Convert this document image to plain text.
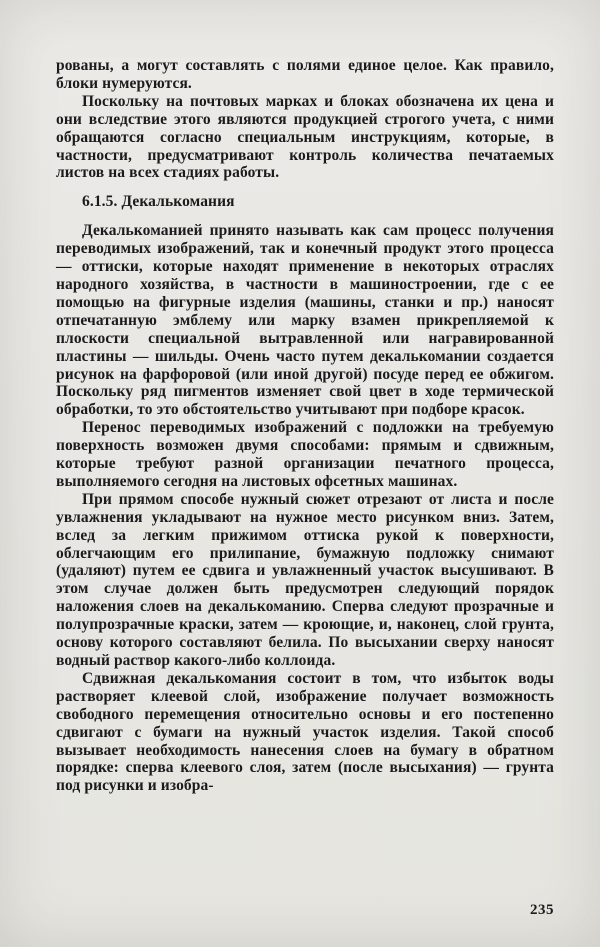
рованы, а могут составлять с полями единое целое. Как правило, блоки нумеруются.

Поскольку на почтовых марках и блоках обозначена их цена и они вследствие этого являются продукцией строгого учета, с ними обращаются согласно специальным инструкциям, которые, в частности, предусматривают контроль количества печатаемых листов на всех стадиях работы.

6.1.5. Декалькомания

Декалькоманией принято называть как сам процесс получения переводимых изображений, так и конечный продукт этого процесса — оттиски, которые находят применение в некоторых отраслях народного хозяйства, в частности в машиностроении, где с ее помощью на фигурные изделия (машины, станки и пр.) наносят отпечатанную эмблему или марку взамен прикрепляемой к плоскости специальной вытравленной или награвированной пластины — шильды. Очень часто путем декалькомании создается рисунок на фарфоровой (или иной другой) посуде перед ее обжигом. Поскольку ряд пигментов изменяет свой цвет в ходе термической обработки, то это обстоятельство учитывают при подборе красок.

Перенос переводимых изображений с подложки на требуемую поверхность возможен двумя способами: прямым и сдвижным, которые требуют разной организации печатного процесса, выполняемого сегодня на листовых офсетных машинах.

При прямом способе нужный сюжет отрезают от листа и после увлажнения укладывают на нужное место рисунком вниз. Затем, вслед за легким прижимом оттиска рукой к поверхности, облегчающим его прилипание, бумажную подложку снимают (удаляют) путем ее сдвига и увлажненный участок высушивают. В этом случае должен быть предусмотрен следующий порядок наложения слоев на декалькоманию. Сперва следуют прозрачные и полупрозрачные краски, затем — кроющие, и, наконец, слой грунта, основу которого составляют белила. По высыхании сверху наносят водный раствор какого-либо коллоида.

Сдвижная декалькомания состоит в том, что избыток воды растворяет клеевой слой, изображение получает возможность свободного перемещения относительно основы и его постепенно сдвигают с бумаги на нужный участок изделия. Такой способ вызывает необходимость нанесения слоев на бумагу в обратном порядке: сперва клеевого слоя, затем (после высыхания) — грунта под рисунки и изобра-

235
